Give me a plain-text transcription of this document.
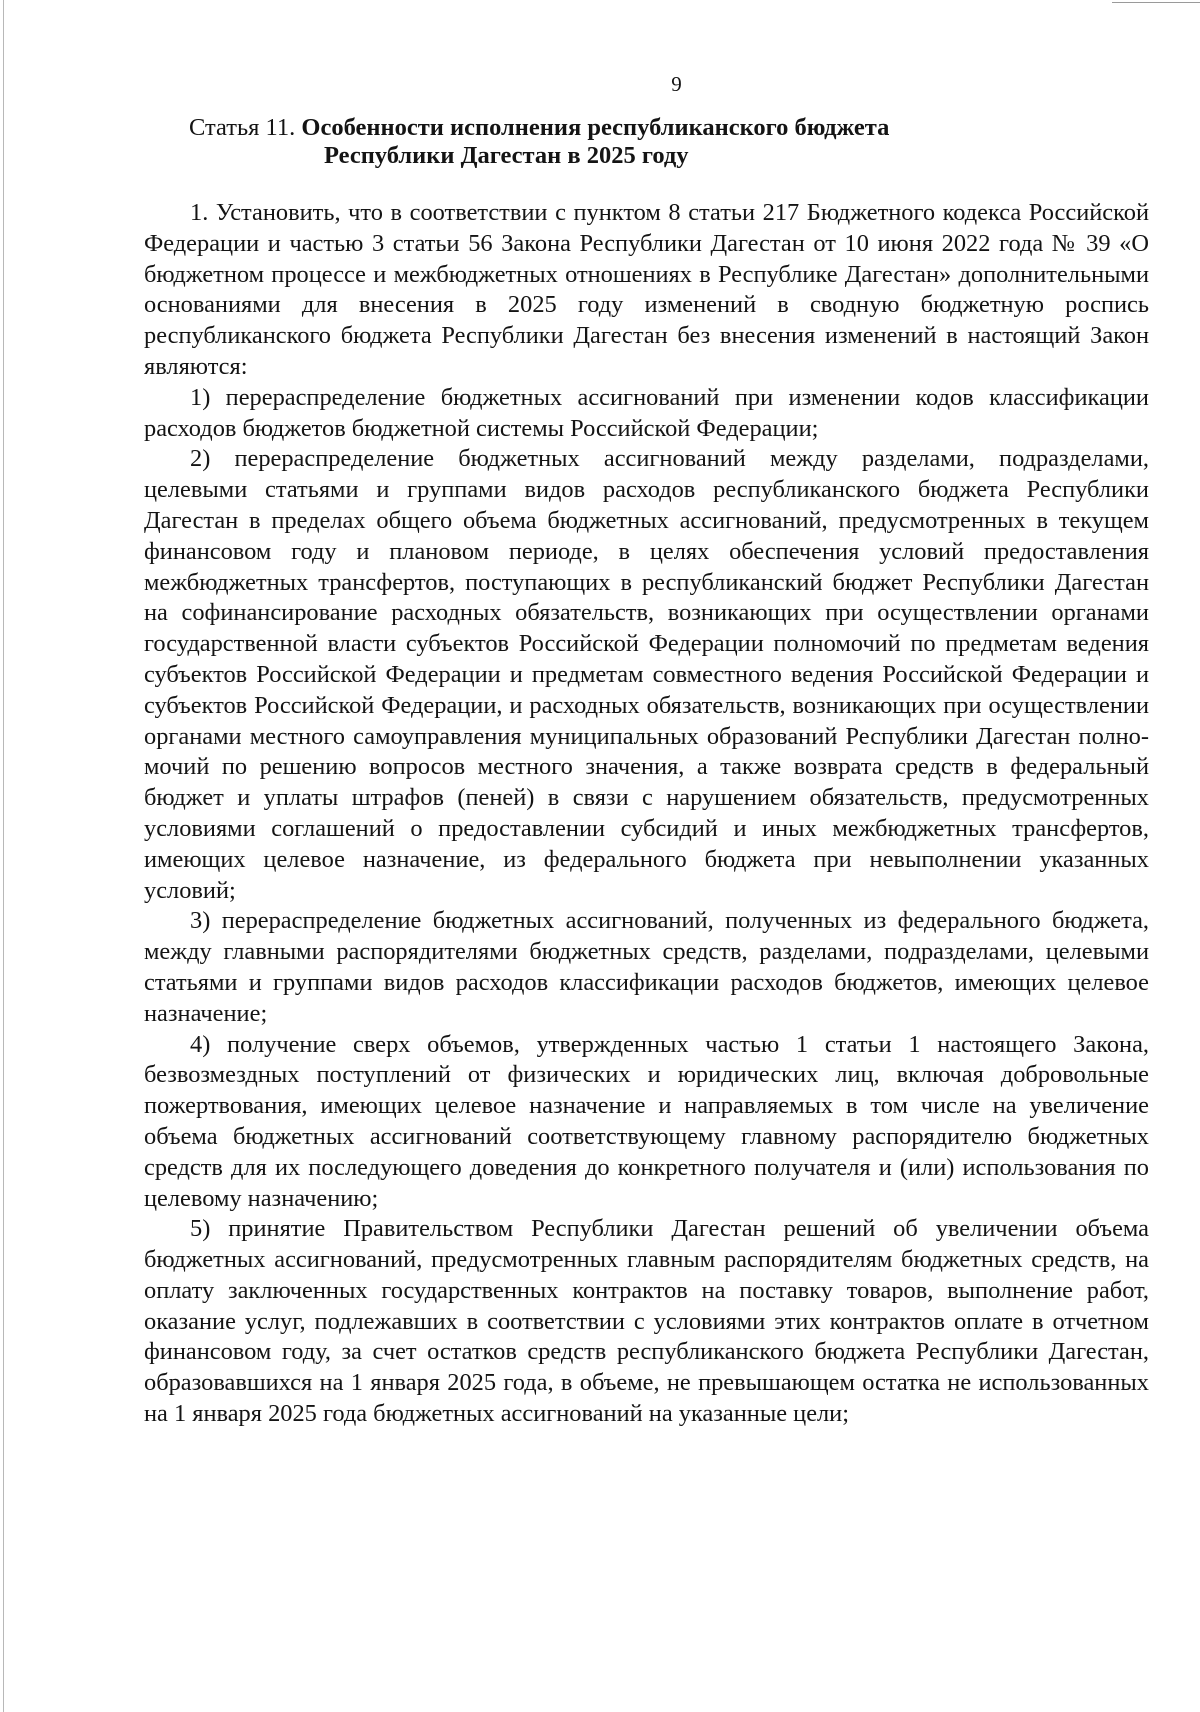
9
Статья 11. Особенности исполнения республиканского бюджета
Республики Дагестан в 2025 году

1. Установить, что в соответствии с пунктом 8 статьи 217 Бюджетного кодекса Российской Федерации и частью 3 статьи 56 Закона Республики Дагестан от 10 июня 2022 года № 39 «О бюджетном процессе и межбюджетных отношениях в Республике Дагестан» дополнительными основаниями для внесения в 2025 году изменений в сводную бюджетную роспись республиканского бюджета Республики Дагестан без внесения изменений в настоящий Закон являются:

1) перераспределение бюджетных ассигнований при изменении кодов классификации расходов бюджетов бюджетной системы Российской Федерации;

2) перераспределение бюджетных ассигнований между разделами, подразделами, целевыми статьями и группами видов расходов республиканского бюджета Республики Дагестан в пределах общего объема бюджетных ассигнований, предусмотренных в текущем финансовом году и плановом периоде, в целях обеспечения условий предоставления межбюджетных трансфертов, поступающих в республиканский бюджет Республики Дагестан на софинансирование расходных обязательств, возникающих при осуществлении органами государственной власти субъектов Российской Федерации полномочий по предметам ведения субъектов Российской Федерации и предметам совместного ведения Российской Федерации и субъектов Российской Федерации, и расходных обязательств, возникающих при осуществлении органами местного самоуправления муниципальных образований Республики Дагестан полномочий по решению вопросов местного значения, а также возврата средств в федеральный бюджет и уплаты штрафов (пеней) в связи с нарушением обязательств, предусмотренных условиями соглашений о предоставлении субсидий и иных межбюджетных трансфертов, имеющих целевое назначение, из федерального бюджета при невыполнении указанных условий;

3) перераспределение бюджетных ассигнований, полученных из федерального бюджета, между главными распорядителями бюджетных средств, разделами, подразделами, целевыми статьями и группами видов расходов классификации расходов бюджетов, имеющих целевое назначение;

4) получение сверх объемов, утвержденных частью 1 статьи 1 настоящего Закона, безвозмездных поступлений от физических и юридических лиц, включая добровольные пожертвования, имеющих целевое назначение и направляемых в том числе на увеличение объема бюджетных ассигнований соответствующему главному распорядителю бюджетных средств для их последующего доведения до конкретного получателя и (или) использования по целевому назначению;

5) принятие Правительством Республики Дагестан решений об увеличении объема бюджетных ассигнований, предусмотренных главным распорядителям бюджетных средств, на оплату заключенных государственных контрактов на поставку товаров, выполнение работ, оказание услуг, подлежавших в соответствии с условиями этих контрактов оплате в отчетном финансовом году, за счет остатков средств республиканского бюджета Республики Дагестан, образовавшихся на 1 января 2025 года, в объеме, не превышающем остатка не использованных на 1 января 2025 года бюджетных ассигнований на указанные цели;
